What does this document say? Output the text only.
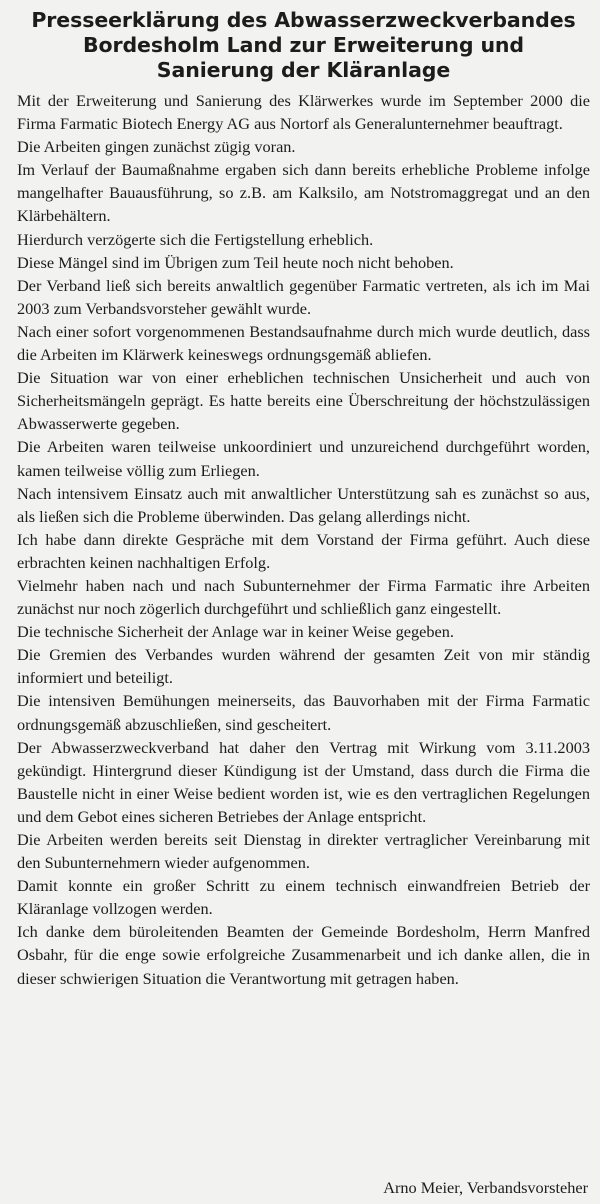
Presseerklärung des Abwasserzweckverbandes
Bordesholm Land zur Erweiterung und
Sanierung der Kläranlage

Mit der Erweiterung und Sanierung des Klärwerkes wurde im September 2000 die Firma Farmatic Biotech Energy AG aus Nortorf als Generalunternehmer beauftragt.

Die Arbeiten gingen zunächst zügig voran.

Im Verlauf der Baumaßnahme ergaben sich dann bereits erhebliche Probleme infolge mangelhafter Bauausführung, so z.B. am Kalksilo, am Notstromaggregat und an den Klärbehältern.

Hierdurch verzögerte sich die Fertigstellung erheblich.

Diese Mängel sind im Übrigen zum Teil heute noch nicht behoben.

Der Verband ließ sich bereits anwaltlich gegenüber Farmatic vertreten, als ich im Mai 2003 zum Verbandsvorsteher gewählt wurde.

Nach einer sofort vorgenommenen Bestandsaufnahme durch mich wurde deutlich, dass die Arbeiten im Klärwerk keineswegs ordnungsgemäß abliefen.

Die Situation war von einer erheblichen technischen Unsicherheit und auch von Sicherheitsmängeln geprägt. Es hatte bereits eine Überschreitung der höchstzulässigen Abwasserwerte gegeben.

Die Arbeiten waren teilweise unkoordiniert und unzureichend durchgeführt worden, kamen teilweise völlig zum Erliegen.

Nach intensivem Einsatz auch mit anwaltlicher Unterstützung sah es zunächst so aus, als ließen sich die Probleme überwinden. Das gelang allerdings nicht.

Ich habe dann direkte Gespräche mit dem Vorstand der Firma geführt. Auch diese erbrachten keinen nachhaltigen Erfolg.

Vielmehr haben nach und nach Subunternehmer der Firma Farmatic ihre Arbeiten zunächst nur noch zögerlich durchgeführt und schließlich ganz eingestellt.

Die technische Sicherheit der Anlage war in keiner Weise gegeben.

Die Gremien des Verbandes wurden während der gesamten Zeit von mir ständig informiert und beteiligt.

Die intensiven Bemühungen meinerseits, das Bauvorhaben mit der Firma Farmatic ordnungsgemäß abzuschließen, sind gescheitert.

Der Abwasserzweckverband hat daher den Vertrag mit Wirkung vom 3.11.2003 gekündigt. Hintergrund dieser Kündigung ist der Umstand, dass durch die Firma die Baustelle nicht in einer Weise bedient worden ist, wie es den vertraglichen Regelungen und dem Gebot eines sicheren Betriebes der Anlage entspricht.

Die Arbeiten werden bereits seit Dienstag in direkter vertraglicher Vereinbarung mit den Subunternehmern wieder aufgenommen.

Damit konnte ein großer Schritt zu einem technisch einwandfreien Betrieb der Kläranlage vollzogen werden.

Ich danke dem büroleitenden Beamten der Gemeinde Bordesholm, Herrn Manfred Osbahr, für die enge sowie erfolgreiche Zusammenarbeit und ich danke allen, die in dieser schwierigen Situation die Verantwortung mit getragen haben.

Arno Meier, Verbandsvorsteher
